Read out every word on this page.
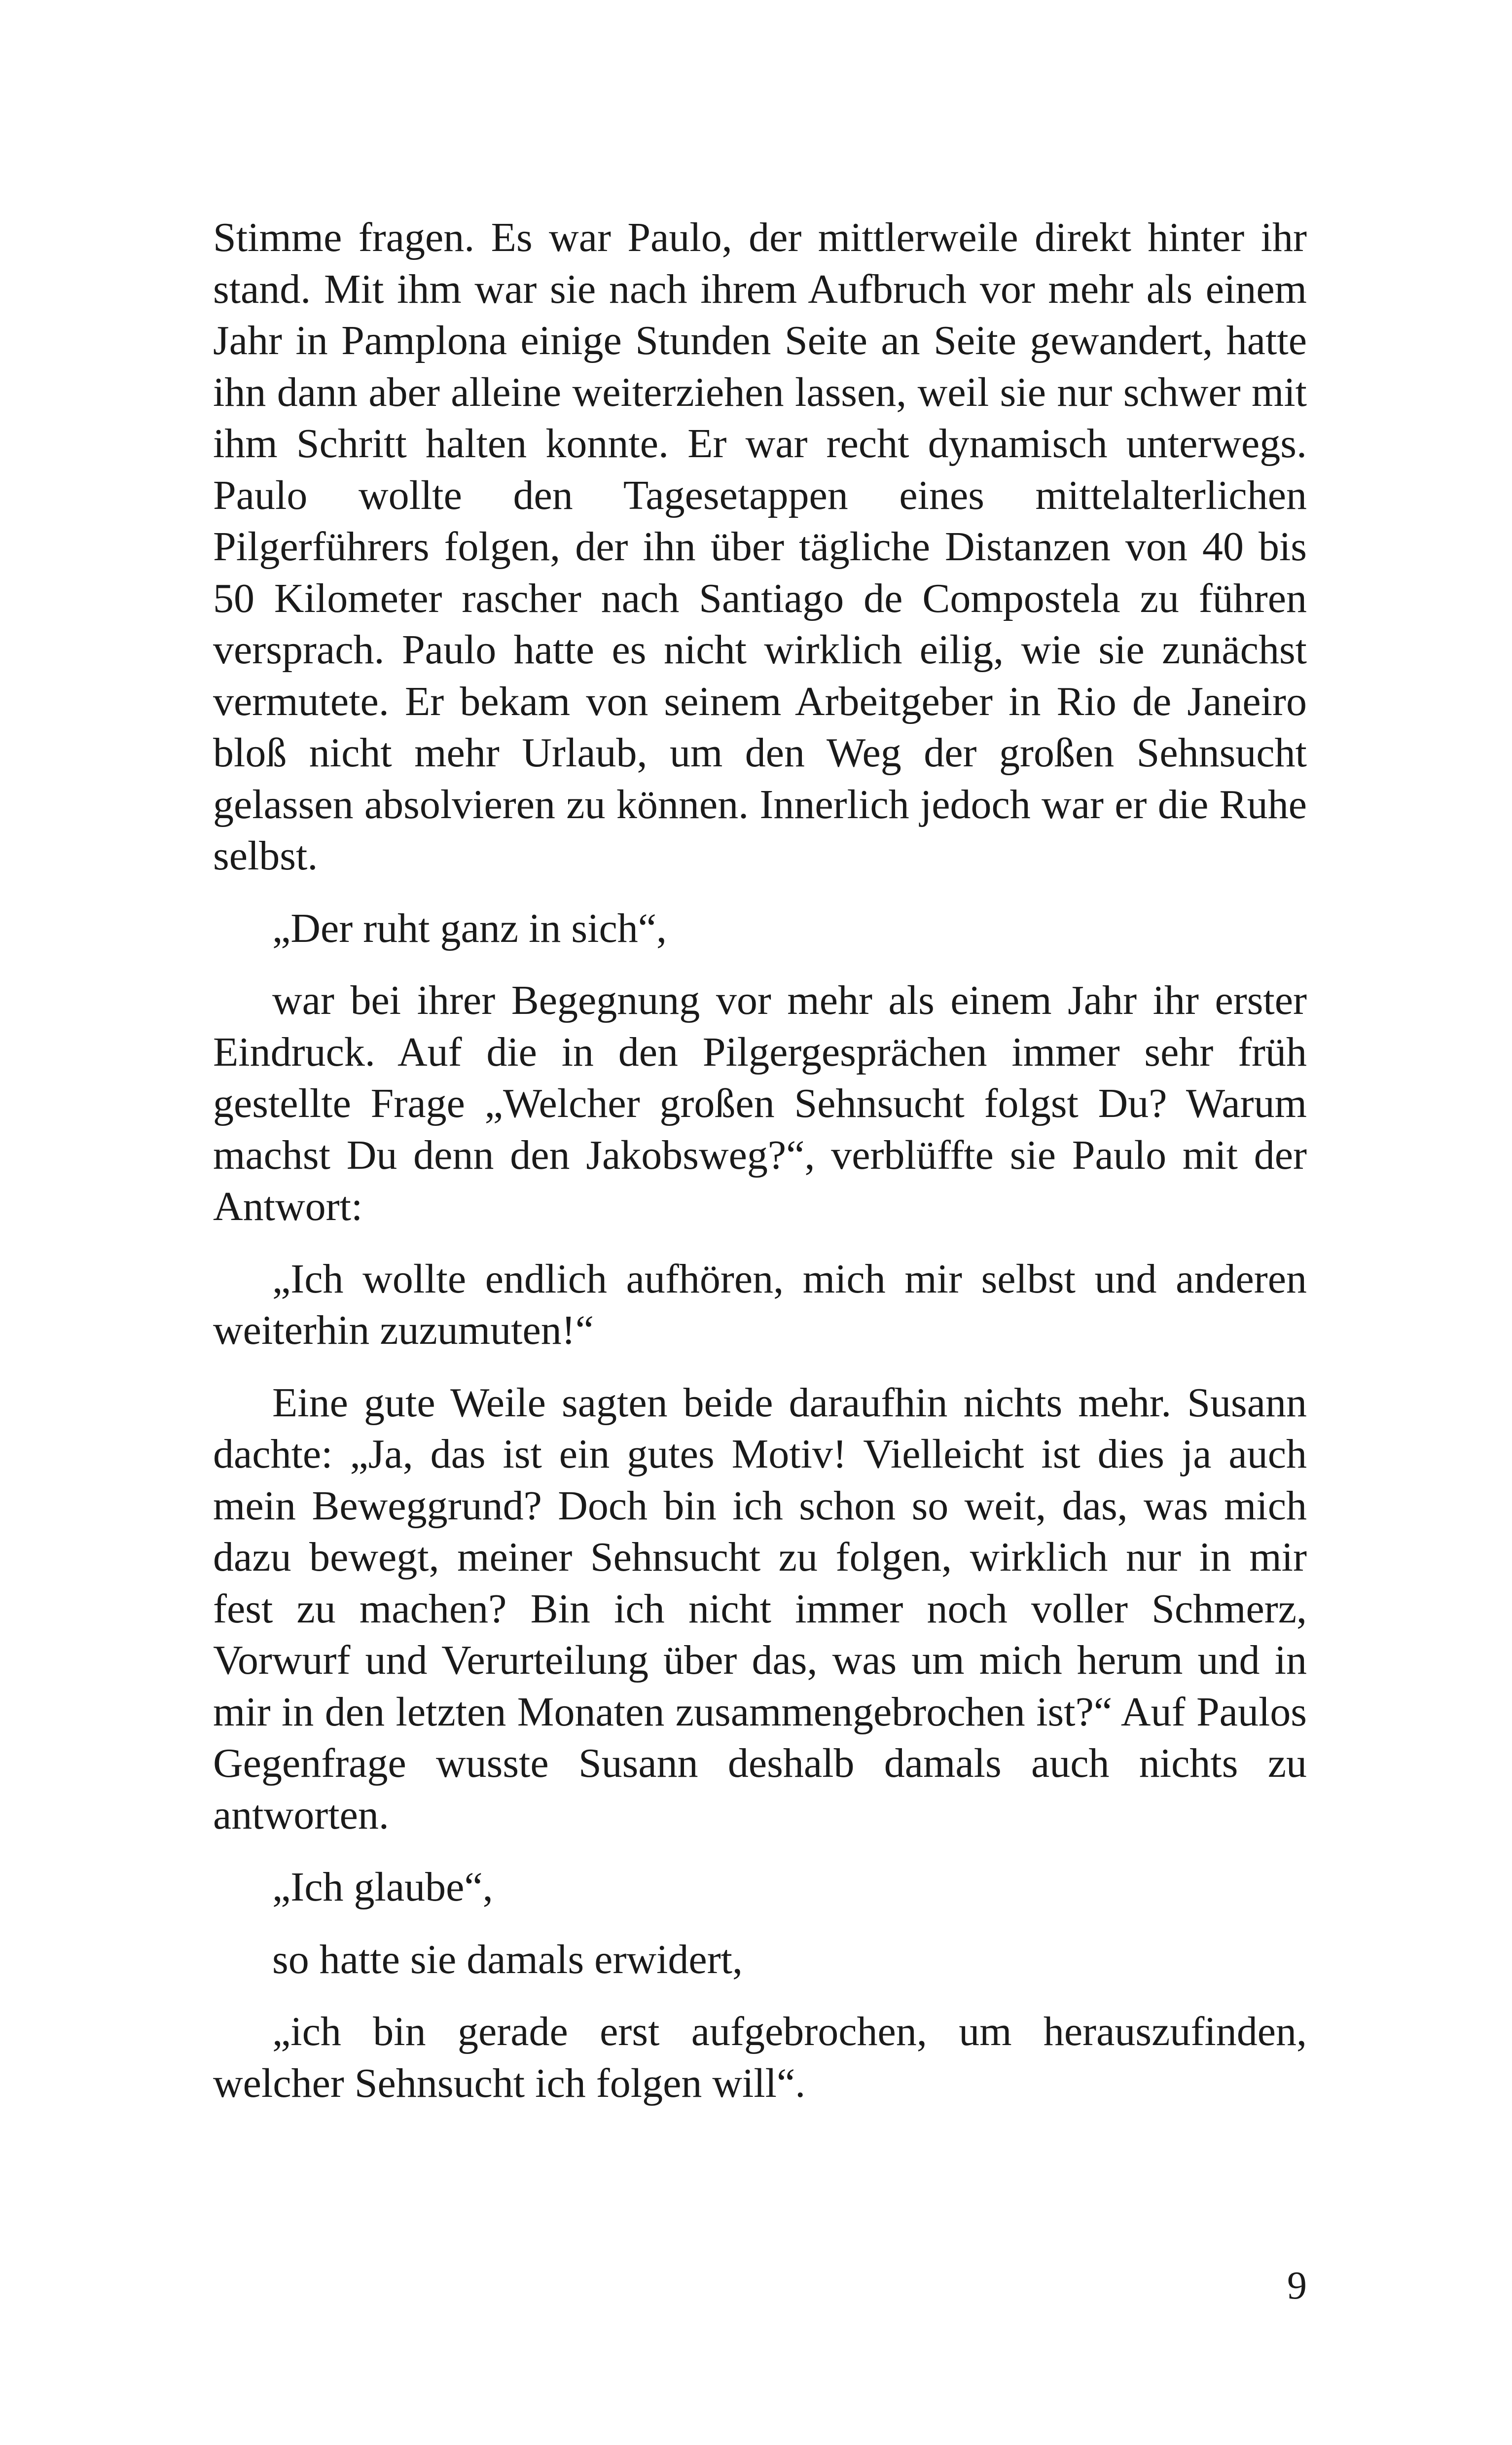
Stimme fragen. Es war Paulo, der mittlerweile direkt hinter ihr stand. Mit ihm war sie nach ihrem Aufbruch vor mehr als einem Jahr in Pamplona einige Stunden Seite an Seite gewandert, hatte ihn dann aber alleine weiterziehen lassen, weil sie nur schwer mit ihm Schritt halten konnte. Er war recht dynamisch unterwegs. Paulo wollte den Tagesetappen eines mittelalterlichen Pilgerführers folgen, der ihn über tägliche Distanzen von 40 bis 50 Kilometer rascher nach Santiago de Compostela zu führen versprach. Paulo hatte es nicht wirklich eilig, wie sie zunächst vermutete. Er bekam von seinem Arbeitgeber in Rio de Janeiro bloß nicht mehr Urlaub, um den Weg der großen Sehnsucht gelassen absolvieren zu können. Innerlich jedoch war er die Ruhe selbst.

„Der ruht ganz in sich“,

war bei ihrer Begegnung vor mehr als einem Jahr ihr erster Eindruck. Auf die in den Pilgergesprächen immer sehr früh gestellte Frage „Welcher großen Sehnsucht folgst Du? Warum machst Du denn den Jakobsweg?“, verblüffte sie Paulo mit der Antwort:

„Ich wollte endlich aufhören, mich mir selbst und anderen weiterhin zuzumuten!“

Eine gute Weile sagten beide daraufhin nichts mehr. Susann dachte: „Ja, das ist ein gutes Motiv! Vielleicht ist dies ja auch mein Beweggrund? Doch bin ich schon so weit, das, was mich dazu bewegt, meiner Sehnsucht zu folgen, wirklich nur in mir fest zu machen? Bin ich nicht immer noch voller Schmerz, Vorwurf und Verurteilung über das, was um mich herum und in mir in den letzten Monaten zusammengebrochen ist?“ Auf Paulos Gegenfrage wusste Susann deshalb damals auch nichts zu antworten.

„Ich glaube“,

so hatte sie damals erwidert,

„ich bin gerade erst aufgebrochen, um herauszufinden, welcher Sehnsucht ich folgen will“.

9
